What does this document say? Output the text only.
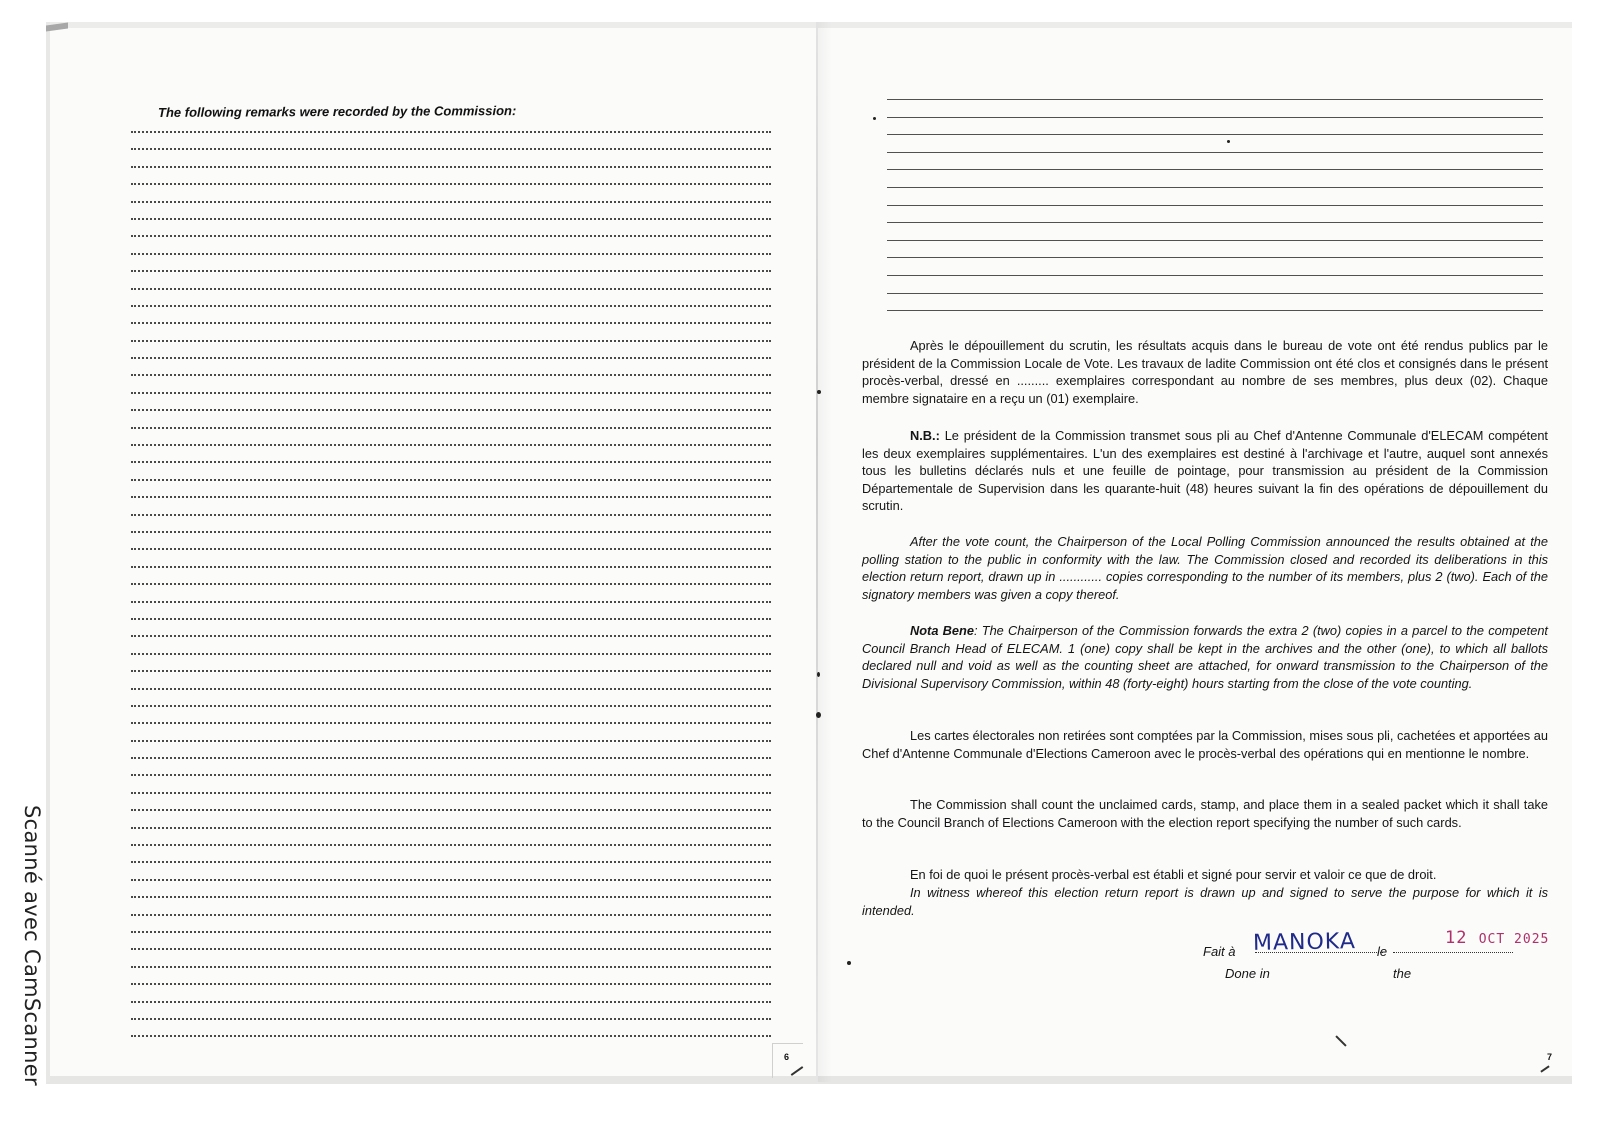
Scanné avec CamScanner
The following remarks were recorded by the Commission:
6
Après le dépouillement du scrutin, les résultats acquis dans le bureau de vote ont été rendus publics par le président de la Commission Locale de Vote. Les travaux de ladite Commission ont été clos et consignés dans le présent procès-verbal, dressé en ......... exemplaires correspondant au nombre de ses membres, plus deux (02). Chaque membre signataire en a reçu un (01) exemplaire.
N.B.: Le président de la Commission transmet sous pli au Chef d'Antenne Communale d'ELECAM compétent les deux exemplaires supplémentaires. L'un des exemplaires est destiné à l'archivage et l'autre, auquel sont annexés tous les bulletins déclarés nuls et une feuille de pointage, pour transmission au président de la Commission Départementale de Supervision dans les quarante-huit (48) heures suivant la fin des opérations de dépouillement du scrutin.
After the vote count, the Chairperson of the Local Polling Commission announced the results obtained at the polling station to the public in conformity with the law. The Commission closed and recorded its deliberations in this election return report, drawn up in ............ copies corresponding to the number of its members, plus 2 (two). Each of the signatory members was given a copy thereof.
Nota Bene: The Chairperson of the Commission forwards the extra 2 (two) copies in a parcel to the competent Council Branch Head of ELECAM. 1 (one) copy shall be kept in the archives and the other (one), to which all ballots declared null and void as well as the counting sheet are attached, for onward transmission to the Chairperson of the Divisional Supervisory Commission, within 48 (forty-eight) hours starting from the close of the vote counting.
Les cartes électorales non retirées sont comptées par la Commission, mises sous pli, cachetées et apportées au Chef d'Antenne Communale d'Elections Cameroon avec le procès-verbal des opérations qui en mentionne le nombre.
The Commission shall count the unclaimed cards, stamp, and place them in a sealed packet which it shall take to the Council Branch of Elections Cameroon with the election report specifying the number of such cards.
En foi de quoi le présent procès-verbal est établi et signé pour servir et valoir ce que de droit.
In witness whereof this election return report is drawn up and signed to serve the purpose for which it is intended.
Fait à MANOKA le
12 OCT 2025
Done in	the
7
